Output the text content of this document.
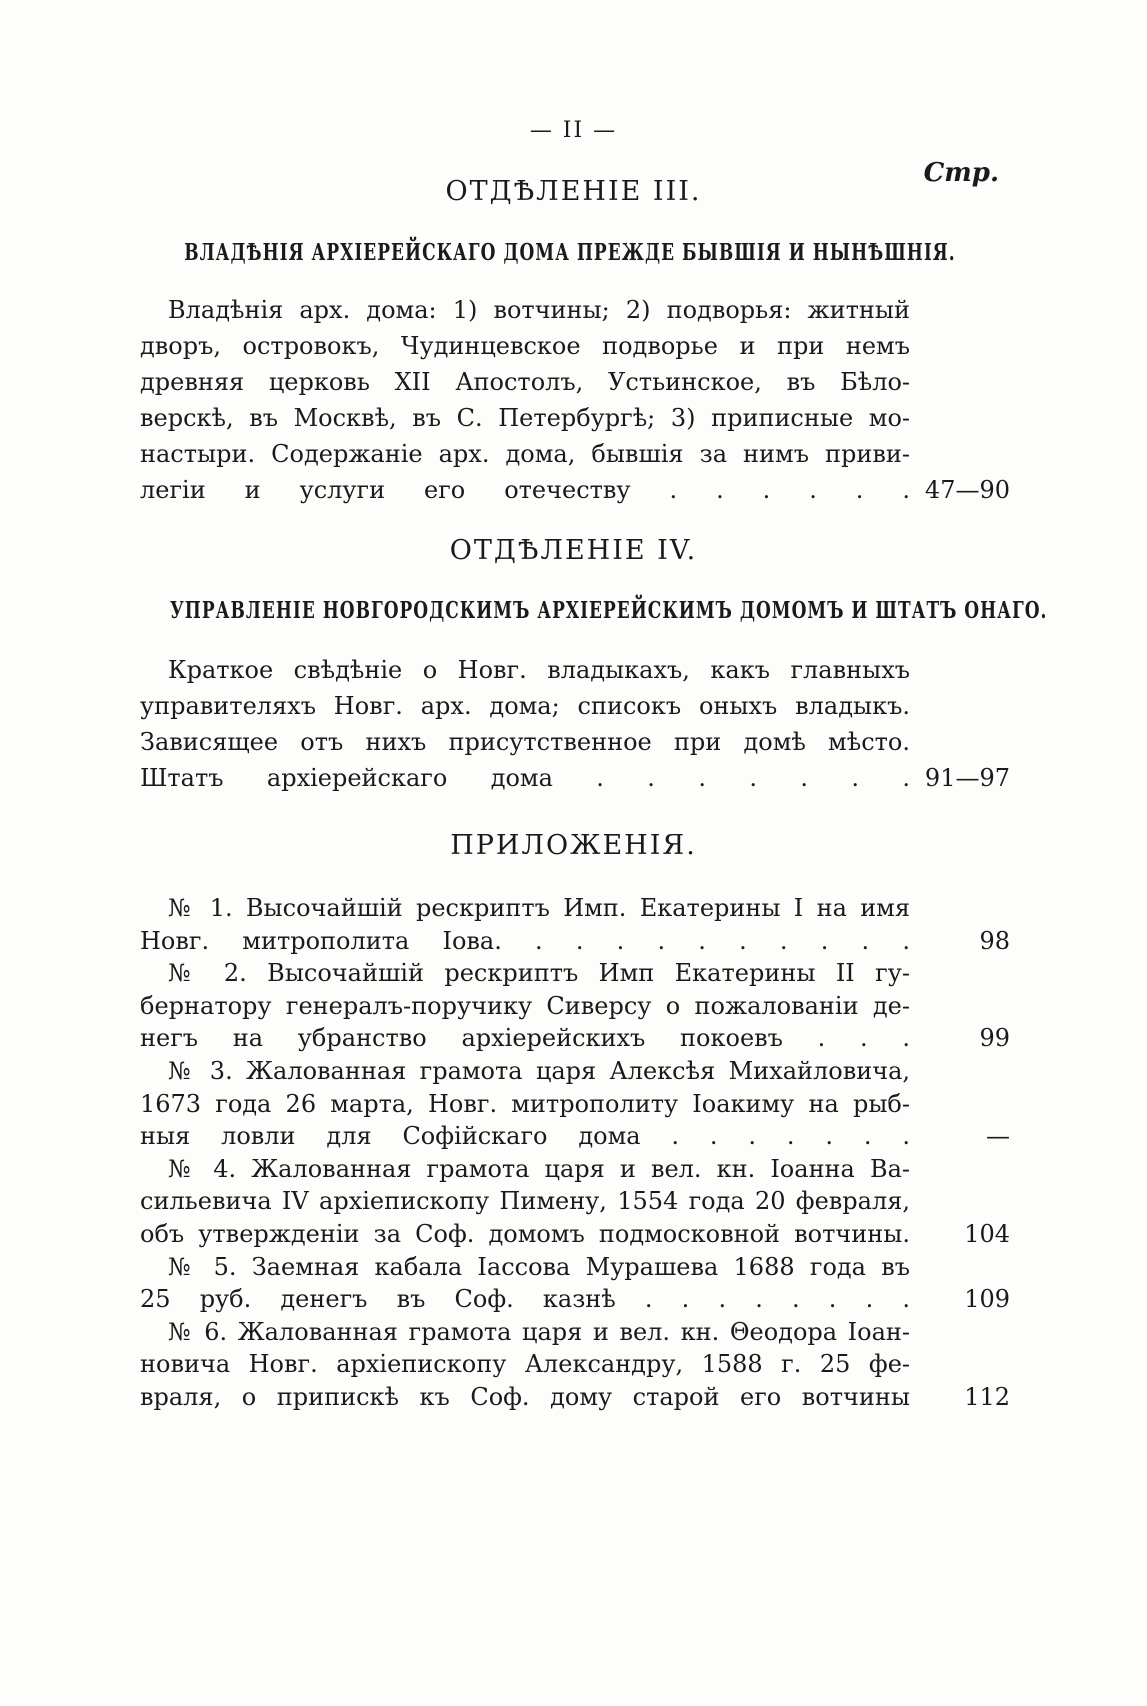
— II —
Стр.
ОТДѢЛЕНІЕ III.
ВЛАДѢНІЯ АРХІЕРЕЙСКАГО ДОМА ПРЕЖДЕ БЫВШІЯ И НЫНѢШНІЯ.
Владѣнія арх. дома: 1) вотчины; 2) подворья: житный
дворъ, островокъ, Чудинцевское подворье и при немъ
древняя церковь XII Апостолъ, Устьинское, въ Бѣло-
верскѣ, въ Москвѣ, въ С. Петербургѣ; 3) приписные мо-
настыри. Содержаніе арх. дома, бывшія за нимъ приви-
легіи и услуги его отечеству . . . . . . 47—90
ОТДѢЛЕНІЕ IV.
УПРАВЛЕНІЕ НОВГОРОДСКИМЪ АРХІЕРЕЙСКИМЪ ДОМОМЪ И ШТАТЪ ОНАГО.
Краткое свѣдѣніе о Новг. владыкахъ, какъ главныхъ
управителяхъ Новг. арх. дома; списокъ оныхъ владыкъ.
Зависящее отъ нихъ присутственное при домѣ мѣсто.
Штатъ архіерейскаго дома . . . . . . . 91—97
ПРИЛОЖЕНІЯ.
№ 1. Высочайшій рескриптъ Имп. Екатерины I на имя
Новг. митрополита Іова. . . . . . . . . . .	98
№ 2. Высочайшій рескриптъ Имп Екатерины II гу-
бернатору генералъ-поручику Сиверсу о пожалованіи де-
негъ на убранство архіерейскихъ покоевъ . . .	99
№ 3. Жалованная грамота царя Алексѣя Михайловича,
1673 года 26 марта, Новг. митрополиту Іоакиму на рыб-
ныя ловли для Софійскаго дома . . . . . . .	—
№ 4. Жалованная грамота царя и вел. кн. Іоанна Ва-
сильевича IV архіепископу Пимену, 1554 года 20 февраля,
объ утвержденіи за Соф. домомъ подмосковной вотчины.	104
№ 5. Заемная кабала Іассова Мурашева 1688 года въ
25 руб. денегъ въ Соф. казнѣ . . . . . . . .	109
№ 6. Жалованная грамота царя и вел. кн. Θеодора Іоан-
новича Новг. архіепископу Александру, 1588 г. 25 фе-
враля, о припискѣ къ Соф. дому старой его вотчины	112
